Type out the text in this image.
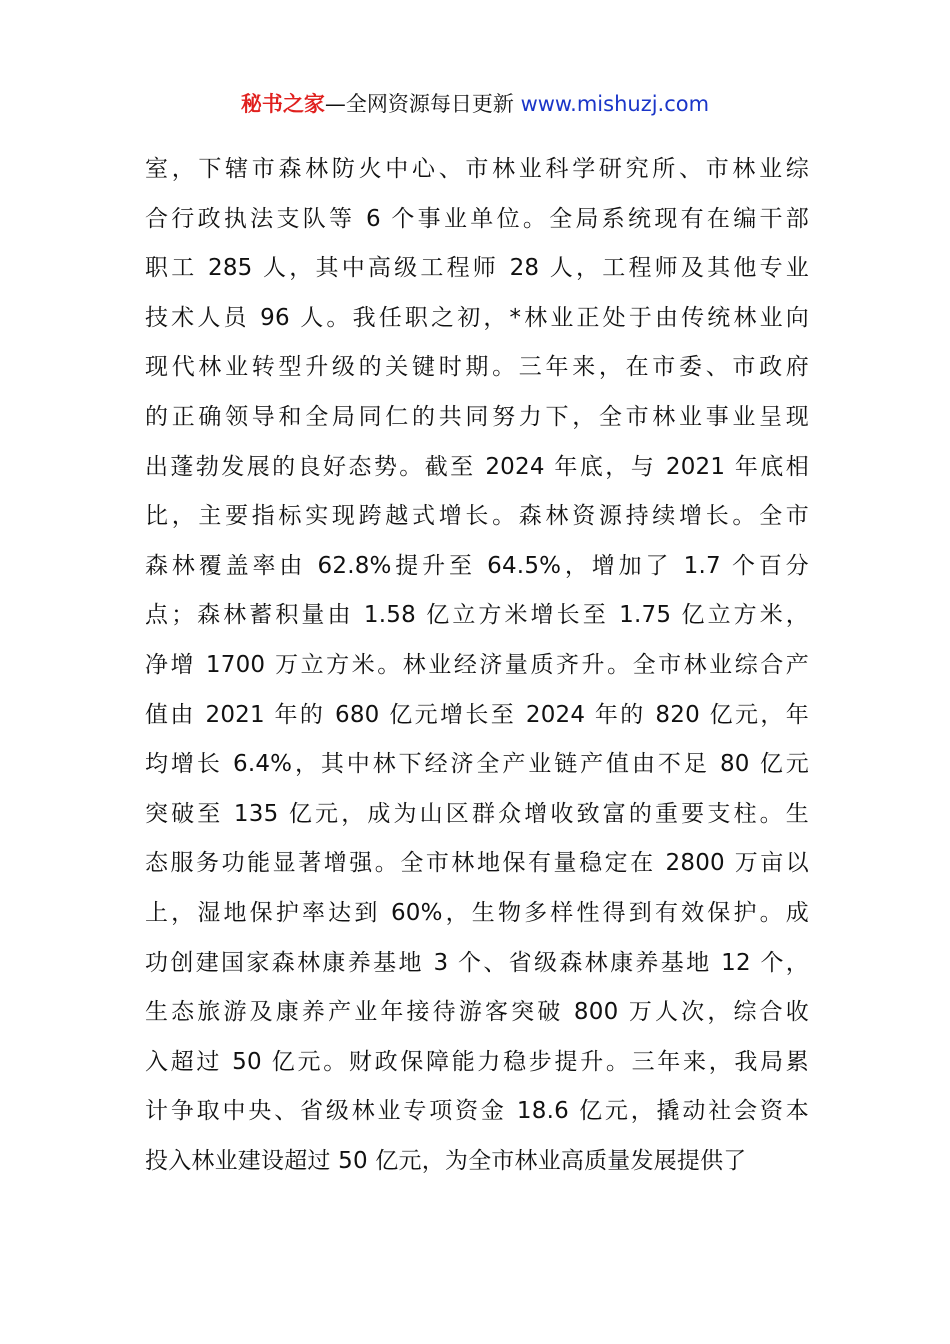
秘书之家—全网资源每日更新 www.mishuzj.com
室，下辖市森林防火中心、市林业科学研究所、市林业综
合行政执法支队等 6 个事业单位。全局系统现有在编干部
职工 285 人，其中高级工程师 28 人，工程师及其他专业
技术人员 96 人。我任职之初，*林业正处于由传统林业向
现代林业转型升级的关键时期。三年来，在市委、市政府
的正确领导和全局同仁的共同努力下，全市林业事业呈现
出蓬勃发展的良好态势。截至 2024 年底，与 2021 年底相
比，主要指标实现跨越式增长。森林资源持续增长。全市
森林覆盖率由 62.8%提升至 64.5%，增加了 1.7 个百分
点；森林蓄积量由 1.58 亿立方米增长至 1.75 亿立方米，
净增 1700 万立方米。林业经济量质齐升。全市林业综合产
值由 2021 年的 680 亿元增长至 2024 年的 820 亿元，年
均增长 6.4%，其中林下经济全产业链产值由不足 80 亿元
突破至 135 亿元，成为山区群众增收致富的重要支柱。生
态服务功能显著增强。全市林地保有量稳定在 2800 万亩以
上，湿地保护率达到 60%，生物多样性得到有效保护。成
功创建国家森林康养基地 3 个、省级森林康养基地 12 个，
生态旅游及康养产业年接待游客突破 800 万人次，综合收
入超过 50 亿元。财政保障能力稳步提升。三年来，我局累
计争取中央、省级林业专项资金 18.6 亿元，撬动社会资本
投入林业建设超过 50 亿元，为全市林业高质量发展提供了
